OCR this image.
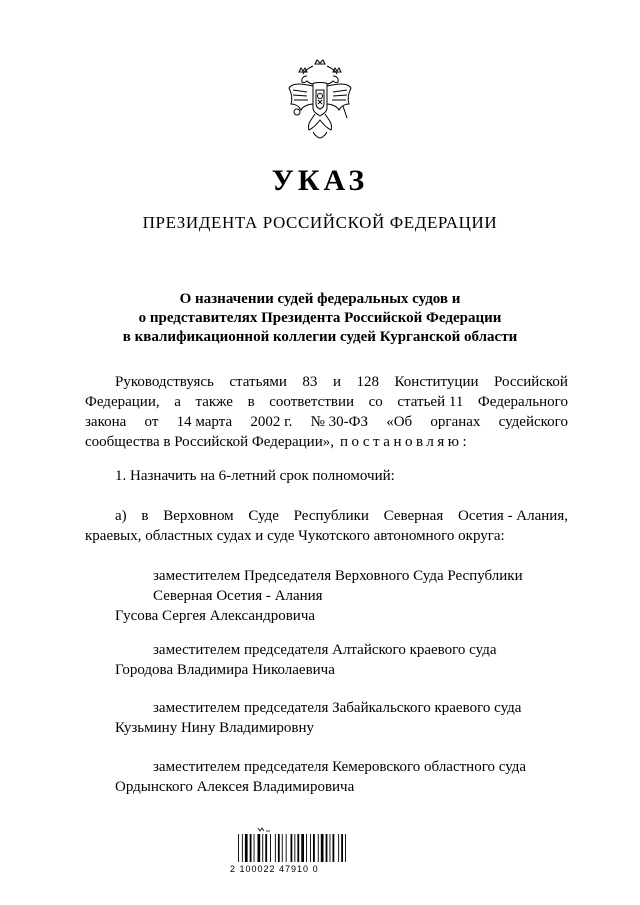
УКАЗ
ПРЕЗИДЕНТА РОССИЙСКОЙ ФЕДЕРАЦИИ
О назначении судей федеральных судов и
о представителях Президента Российской Федерации
в квалификационной коллегии судей Курганской области
Руководствуясь статьями 83 и 128 Конституции Российской
Федерации, а также в соответствии со статьей 11 Федерального
закона от 14 марта 2002 г. № 30-ФЗ «Об органах судейского
сообщества в Российской Федерации», постановляю:
1. Назначить на 6-летний срок полномочий:
а) в Верховном Суде Республики Северная Осетия - Алания,
краевых, областных судах и суде Чукотского автономного округа:
заместителем Председателя Верховного Суда Республики
Северная Осетия - Алания
Гусова Сергея Александровича
заместителем председателя Алтайского краевого суда
Городова Владимира Николаевича
заместителем председателя Забайкальского краевого суда
Кузьмину Нину Владимировну
заместителем председателя Кемеровского областного суда
Ордынского Алексея Владимировича
2 100022 47910 0
